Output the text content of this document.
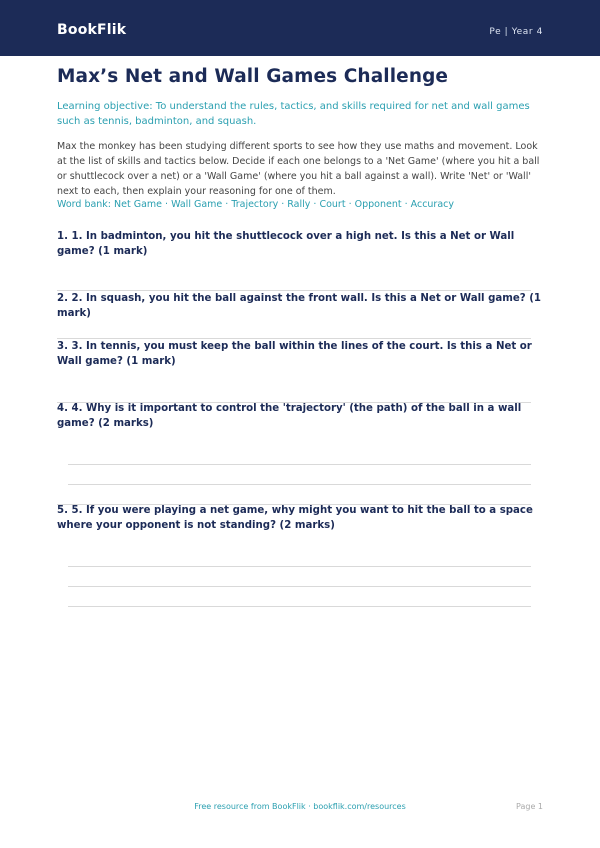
BookFlik	Pe | Year 4
Max’s Net and Wall Games Challenge

Learning objective: To understand the rules, tactics, and skills required for net and wall games such as tennis, badminton, and squash.

Max the monkey has been studying different sports to see how they use maths and movement. Look at the list of skills and tactics below. Decide if each one belongs to a 'Net Game' (where you hit a ball or shuttlecock over a net) or a 'Wall Game' (where you hit a ball against a wall). Write 'Net' or 'Wall' next to each, then explain your reasoning for one of them.

Word bank: Net Game · Wall Game · Trajectory · Rally · Court · Opponent · Accuracy

1. 1. In badminton, you hit the shuttlecock over a high net. Is this a Net or Wall game? (1 mark)

2. 2. In squash, you hit the ball against the front wall. Is this a Net or Wall game? (1 mark)

3. 3. In tennis, you must keep the ball within the lines of the court. Is this a Net or Wall game? (1 mark)

4. 4. Why is it important to control the 'trajectory' (the path) of the ball in a wall game? (2 marks)

5. 5. If you were playing a net game, why might you want to hit the ball to a space where your opponent is not standing? (2 marks)

Free resource from BookFlik · bookflik.com/resources	Page 1
